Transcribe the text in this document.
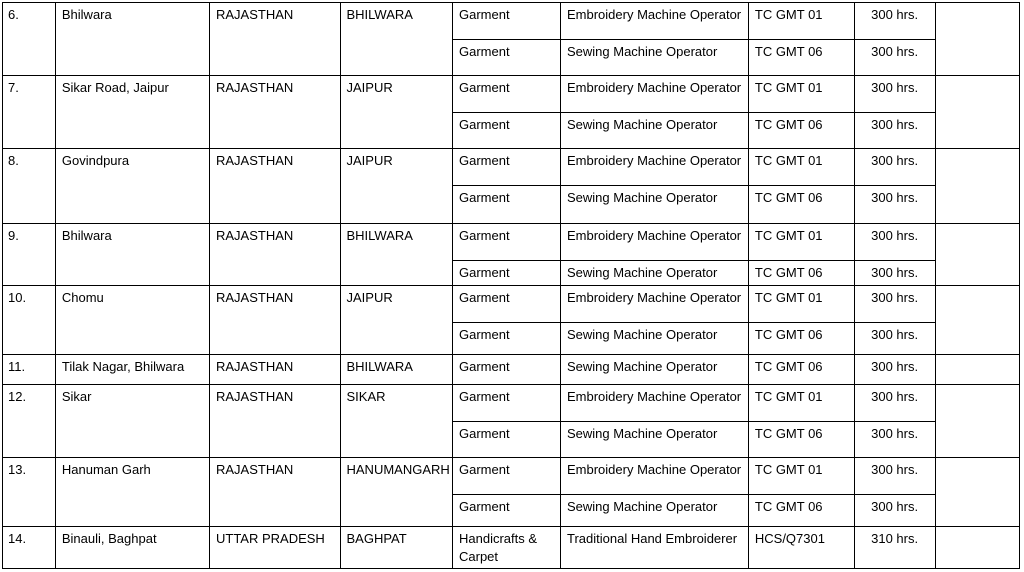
6.	Bhilwara	RAJASTHAN	BHILWARA	Garment	Embroidery Machine Operator	TC GMT 01	300 hrs.	
				Garment	Sewing Machine Operator	TC GMT 06	300 hrs.	
7.	Sikar Road, Jaipur	RAJASTHAN	JAIPUR	Garment	Embroidery Machine Operator	TC GMT 01	300 hrs.	
				Garment	Sewing Machine Operator	TC GMT 06	300 hrs.	
8.	Govindpura	RAJASTHAN	JAIPUR	Garment	Embroidery Machine Operator	TC GMT 01	300 hrs.	
				Garment	Sewing Machine Operator	TC GMT 06	300 hrs.	
9.	Bhilwara	RAJASTHAN	BHILWARA	Garment	Embroidery Machine Operator	TC GMT 01	300 hrs.	
				Garment	Sewing Machine Operator	TC GMT 06	300 hrs.	
10.	Chomu	RAJASTHAN	JAIPUR	Garment	Embroidery Machine Operator	TC GMT 01	300 hrs.	
				Garment	Sewing Machine Operator	TC GMT 06	300 hrs.	
11.	Tilak Nagar, Bhilwara	RAJASTHAN	BHILWARA	Garment	Sewing Machine Operator	TC GMT 06	300 hrs.	
12.	Sikar	RAJASTHAN	SIKAR	Garment	Embroidery Machine Operator	TC GMT 01	300 hrs.	
				Garment	Sewing Machine Operator	TC GMT 06	300 hrs.	
13.	Hanuman Garh	RAJASTHAN	HANUMANGARH	Garment	Embroidery Machine Operator	TC GMT 01	300 hrs.	
				Garment	Sewing Machine Operator	TC GMT 06	300 hrs.	
14.	Binauli, Baghpat	UTTAR PRADESH	BAGHPAT	Handicrafts & Carpet	Traditional Hand Embroiderer	HCS/Q7301	310 hrs.	
